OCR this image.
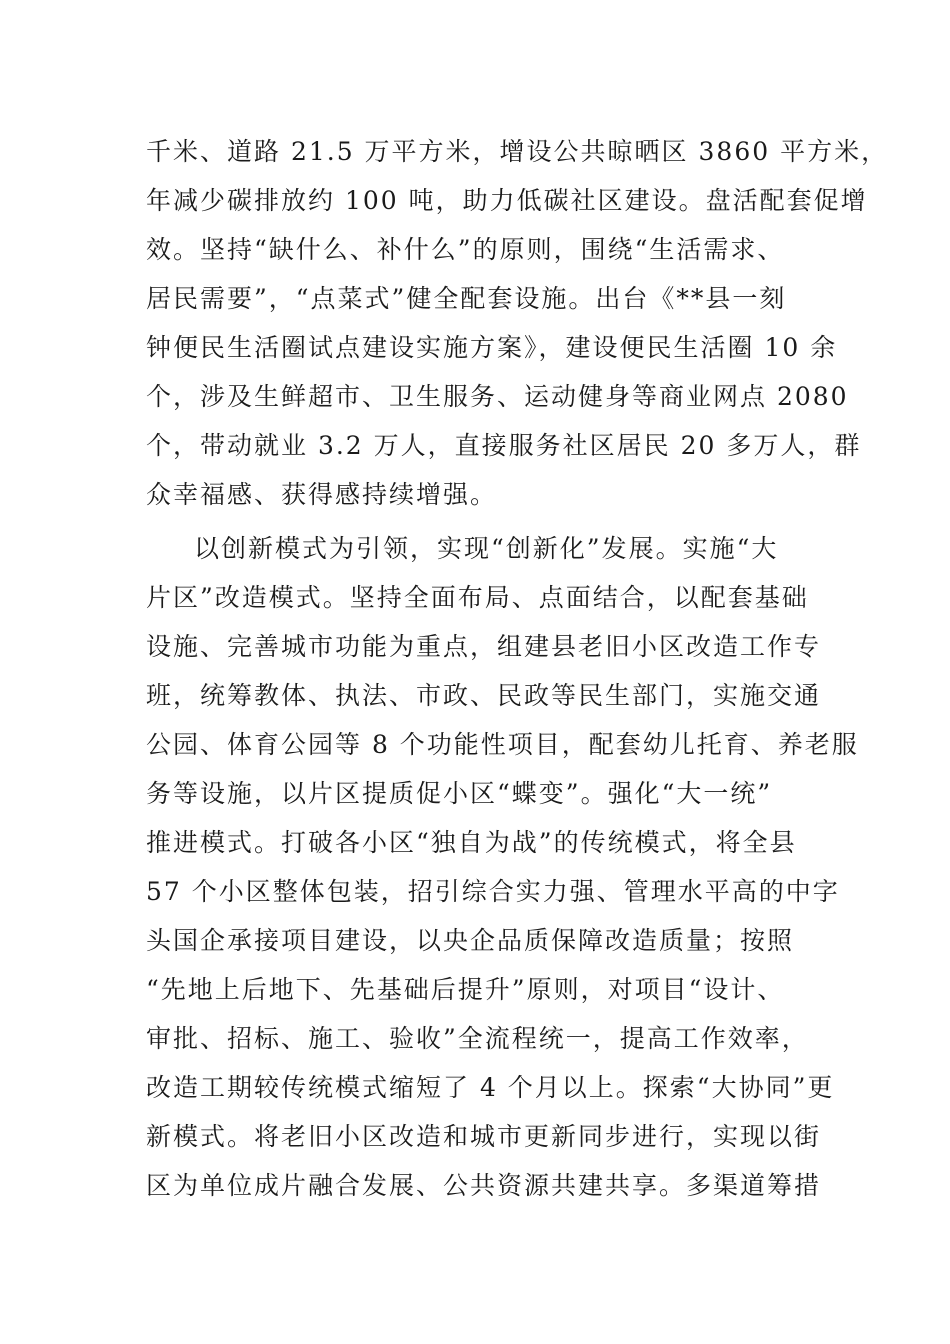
千米、道路 21.5 万平方米，增设公共晾晒区 3860 平方米，
年减少碳排放约 100 吨，助力低碳社区建设。盘活配套促增
效。坚持“缺什么、补什么”的原则，围绕“生活需求、
居民需要”，“点菜式”健全配套设施。出台《**县一刻
钟便民生活圈试点建设实施方案》，建设便民生活圈 10 余
个，涉及生鲜超市、卫生服务、运动健身等商业网点 2080
个，带动就业 3.2 万人，直接服务社区居民 20 多万人，群
众幸福感、获得感持续增强。
以创新模式为引领，实现“创新化”发展。实施“大
片区”改造模式。坚持全面布局、点面结合，以配套基础
设施、完善城市功能为重点，组建县老旧小区改造工作专
班，统筹教体、执法、市政、民政等民生部门，实施交通
公园、体育公园等 8 个功能性项目，配套幼儿托育、养老服
务等设施，以片区提质促小区“蝶变”。强化“大一统”
推进模式。打破各小区“独自为战”的传统模式，将全县
57 个小区整体包装，招引综合实力强、管理水平高的中字
头国企承接项目建设，以央企品质保障改造质量；按照
“先地上后地下、先基础后提升”原则，对项目“设计、
审批、招标、施工、验收”全流程统一，提高工作效率，
改造工期较传统模式缩短了 4 个月以上。探索“大协同”更
新模式。将老旧小区改造和城市更新同步进行，实现以街
区为单位成片融合发展、公共资源共建共享。多渠道筹措
